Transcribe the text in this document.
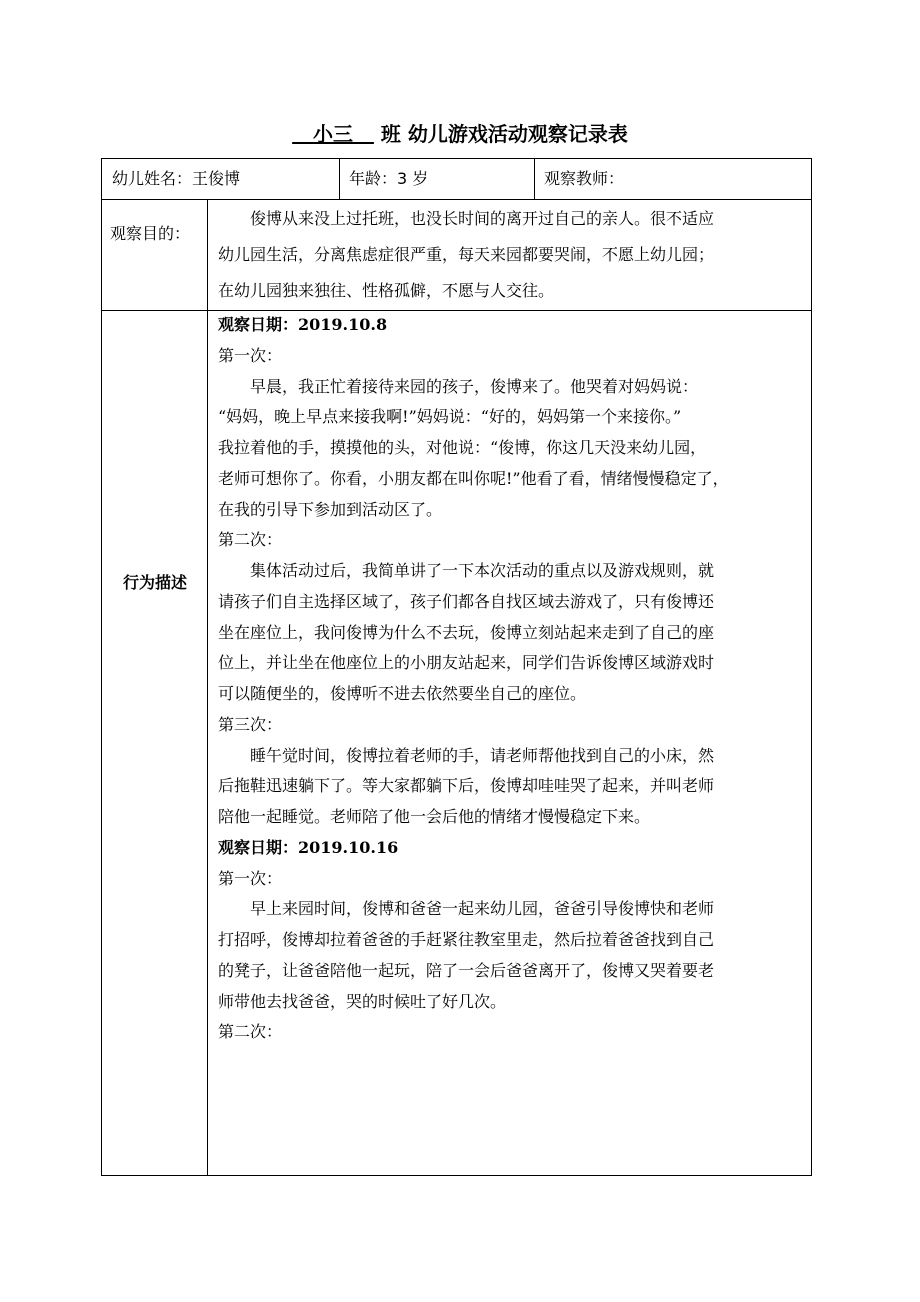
小三 班 幼儿游戏活动观察记录表
幼儿姓名：王俊博	年龄：3 岁	观察教师：
观察目的：

俊博从来没上过托班，也没长时间的离开过自己的亲人。很不适应

幼儿园生活，分离焦虑症很严重，每天来园都要哭闹，不愿上幼儿园；

在幼儿园独来独往、性格孤僻，不愿与人交往。

行为描述
观察日期：2019.10.8
第一次：
早晨，我正忙着接待来园的孩子，俊博来了。他哭着对妈妈说：
“妈妈，晚上早点来接我啊!”妈妈说：“好的，妈妈第一个来接你。”
我拉着他的手，摸摸他的头，对他说：“俊博，你这几天没来幼儿园，
老师可想你了。你看，小朋友都在叫你呢!”他看了看，情绪慢慢稳定了，
在我的引导下参加到活动区了。
第二次：
集体活动过后，我简单讲了一下本次活动的重点以及游戏规则，就
请孩子们自主选择区域了，孩子们都各自找区域去游戏了，只有俊博还
坐在座位上，我问俊博为什么不去玩，俊博立刻站起来走到了自己的座
位上，并让坐在他座位上的小朋友站起来，同学们告诉俊博区域游戏时
可以随便坐的，俊博听不进去依然要坐自己的座位。
第三次：
睡午觉时间，俊博拉着老师的手，请老师帮他找到自己的小床，然
后拖鞋迅速躺下了。等大家都躺下后，俊博却哇哇哭了起来，并叫老师
陪他一起睡觉。老师陪了他一会后他的情绪才慢慢稳定下来。
观察日期：2019.10.16
第一次：
早上来园时间，俊博和爸爸一起来幼儿园，爸爸引导俊博快和老师
打招呼，俊博却拉着爸爸的手赶紧往教室里走，然后拉着爸爸找到自己
的凳子，让爸爸陪他一起玩，陪了一会后爸爸离开了，俊博又哭着要老
师带他去找爸爸，哭的时候吐了好几次。
第二次：
